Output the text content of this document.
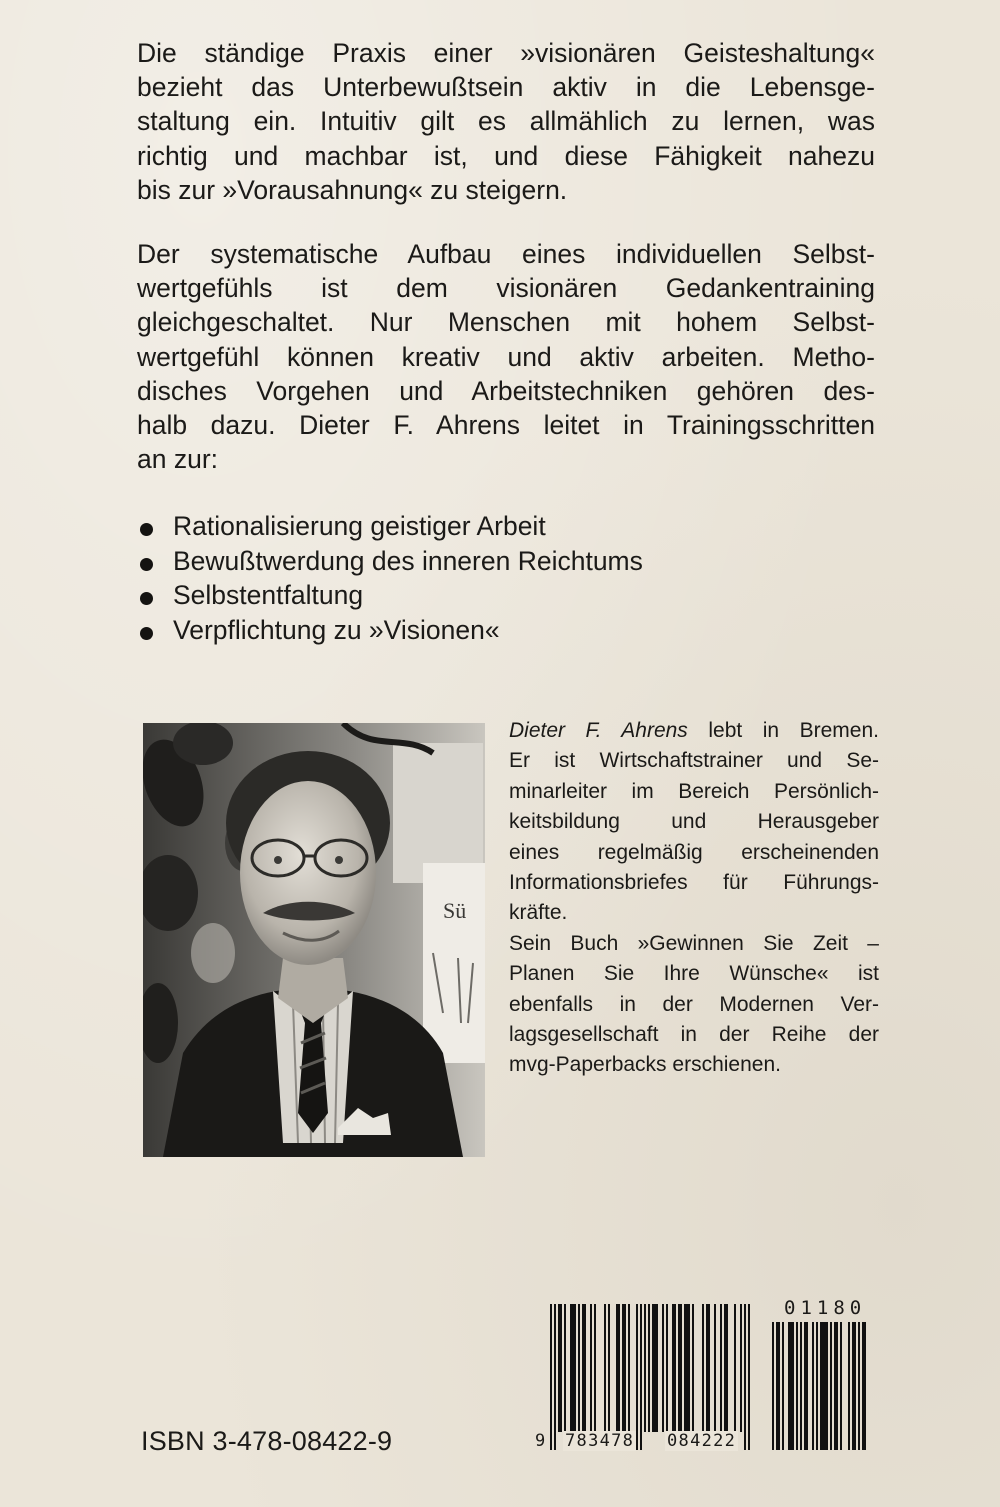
Die ständige Praxis einer »visionären Geisteshaltung«
bezieht das Unterbewußtsein aktiv in die Lebensge-
staltung ein. Intuitiv gilt es allmählich zu lernen, was
richtig und machbar ist, und diese Fähigkeit nahezu
bis zur »Vorausahnung« zu steigern.

Der systematische Aufbau eines individuellen Selbst-
wertgefühls ist dem visionären Gedankentraining
gleichgeschaltet. Nur Menschen mit hohem Selbst-
wertgefühl können kreativ und aktiv arbeiten. Metho-
disches Vorgehen und Arbeitstechniken gehören des-
halb dazu. Dieter F. Ahrens leitet in Trainingsschritten
an zur:

Rationalisierung geistiger Arbeit
Bewußtwerdung des inneren Reichtums
Selbstentfaltung
Verpflichtung zu »Visionen«
Sü
Dieter F. Ahrens lebt in Bremen.
Er ist Wirtschaftstrainer und Se-
minarleiter im Bereich Persönlich-
keitsbildung und Herausgeber
eines regelmäßig erscheinenden
Informationsbriefes für Führungs-
kräfte.
Sein Buch »Gewinnen Sie Zeit –
Planen Sie Ihre Wünsche« ist
ebenfalls in der Modernen Ver-
lagsgesellschaft in der Reihe der
mvg-Paperbacks erschienen.
ISBN 3-478-08422-9
01180
9 783478 084222
